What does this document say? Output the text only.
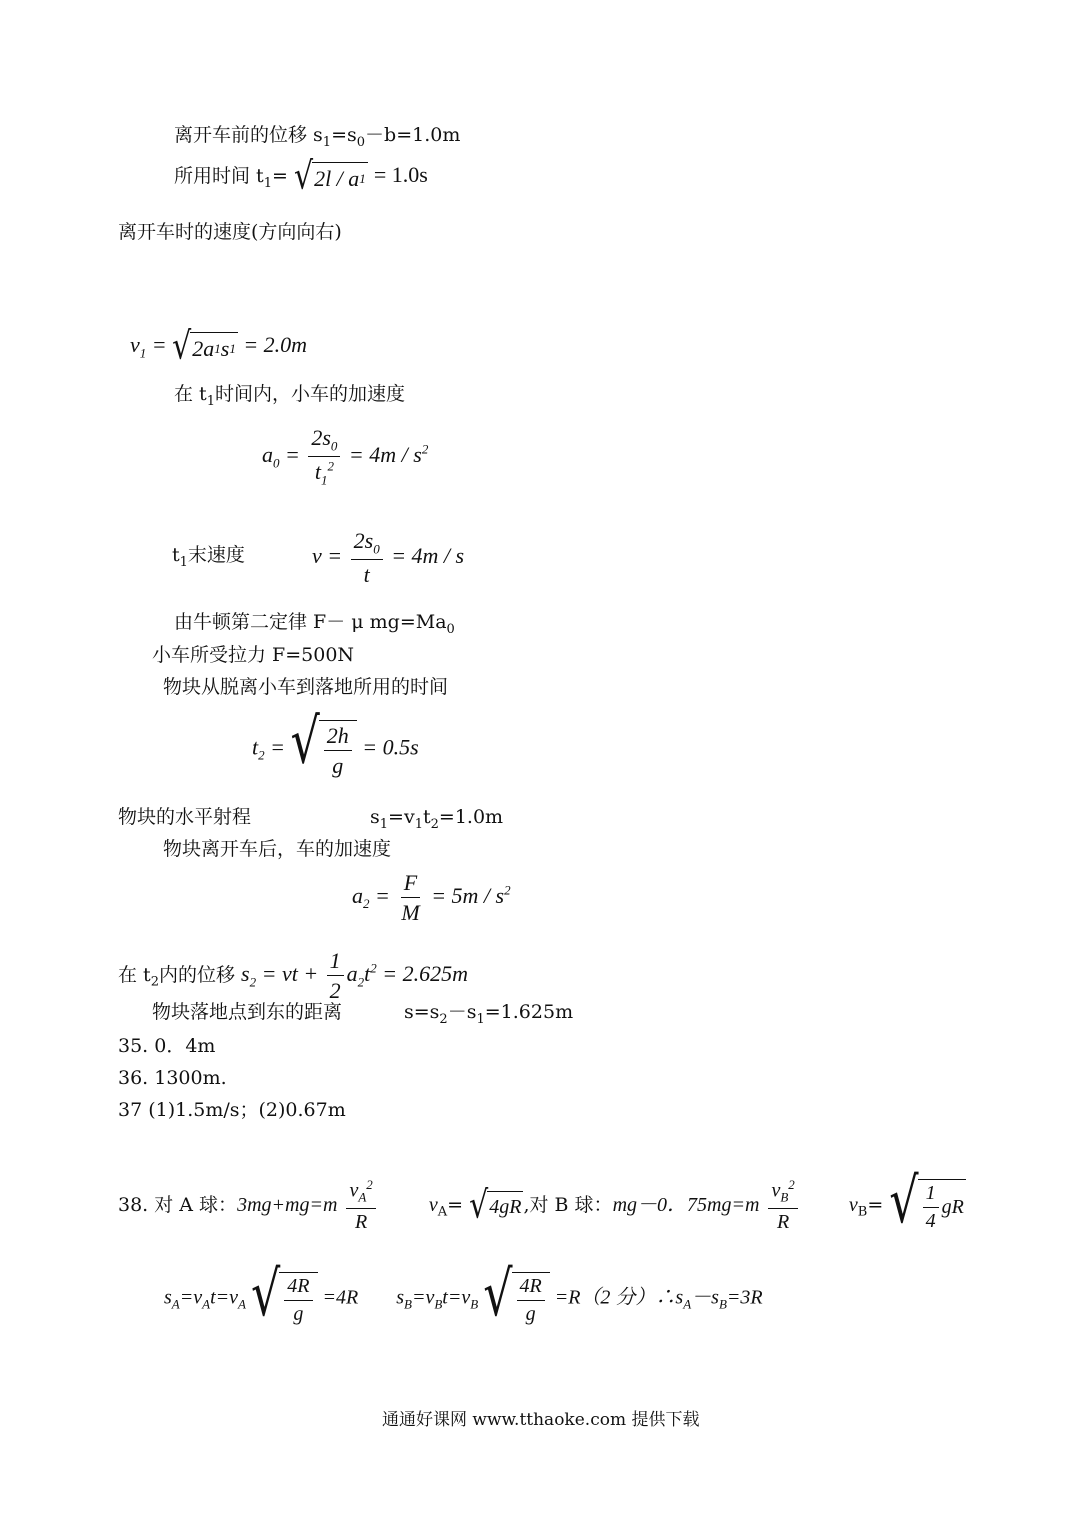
离开车前的位移 $s_1=s_0-b=1.0m$
所用时间 $t_1=$ √ 2l / a 1 = 1.0s
离开车时的速度(方向向右)
$v_1$ = √ 2a 1 s 1 = 2.0m
在 $t_1$时间内，小车的加速度
$a_0 = \frac{2s_0}{t_1^2} = 4m / s^2$
$t_1$末速度	$v = \frac{2s_0}{t} = 4m / s$
由牛顿第二定律 F－ μ $mg=Ma_0$
小车所受拉力 F=500N
物块从脱离小车到落地所用的时间
$t_2$ = √ $\frac{2h}{g} = 0.5s$
物块的水平射程	$s_1=v_1t_2=1.0m$
物块离开车后，车的加速度
$a_2 = \frac{F}{M} = 5m / s^2$
在 $t_2$内的位移 $s_2$ = vt + $\frac{1}{2} a_2t^2 = 2.625m$
物块落地点到东的距离	$s=s_2-s_1=1.625m$
35. 0．4m
36. 1300m.
37 (1)1.5m/s；(2)0.67m
38. 对 A 球：$3mg+mg=m \frac{v_A^2}{R}$	$v_A=$ √ 4gR ,对 B 球：mg－0．$75mg=m \frac{v_B^2}{R}$	$v_B=$ √ $\frac{1}{4}$ gR
$s_A=v_At=v_A$ √ $\frac{4R}{g} =4R$ $s_B=v_Bt=v_B$ √ $\frac{4R}{g} =R(2$ 分）$\therefore s_A-s_B=3R$
通通好课网 www.tthaoke.com 提供下载
